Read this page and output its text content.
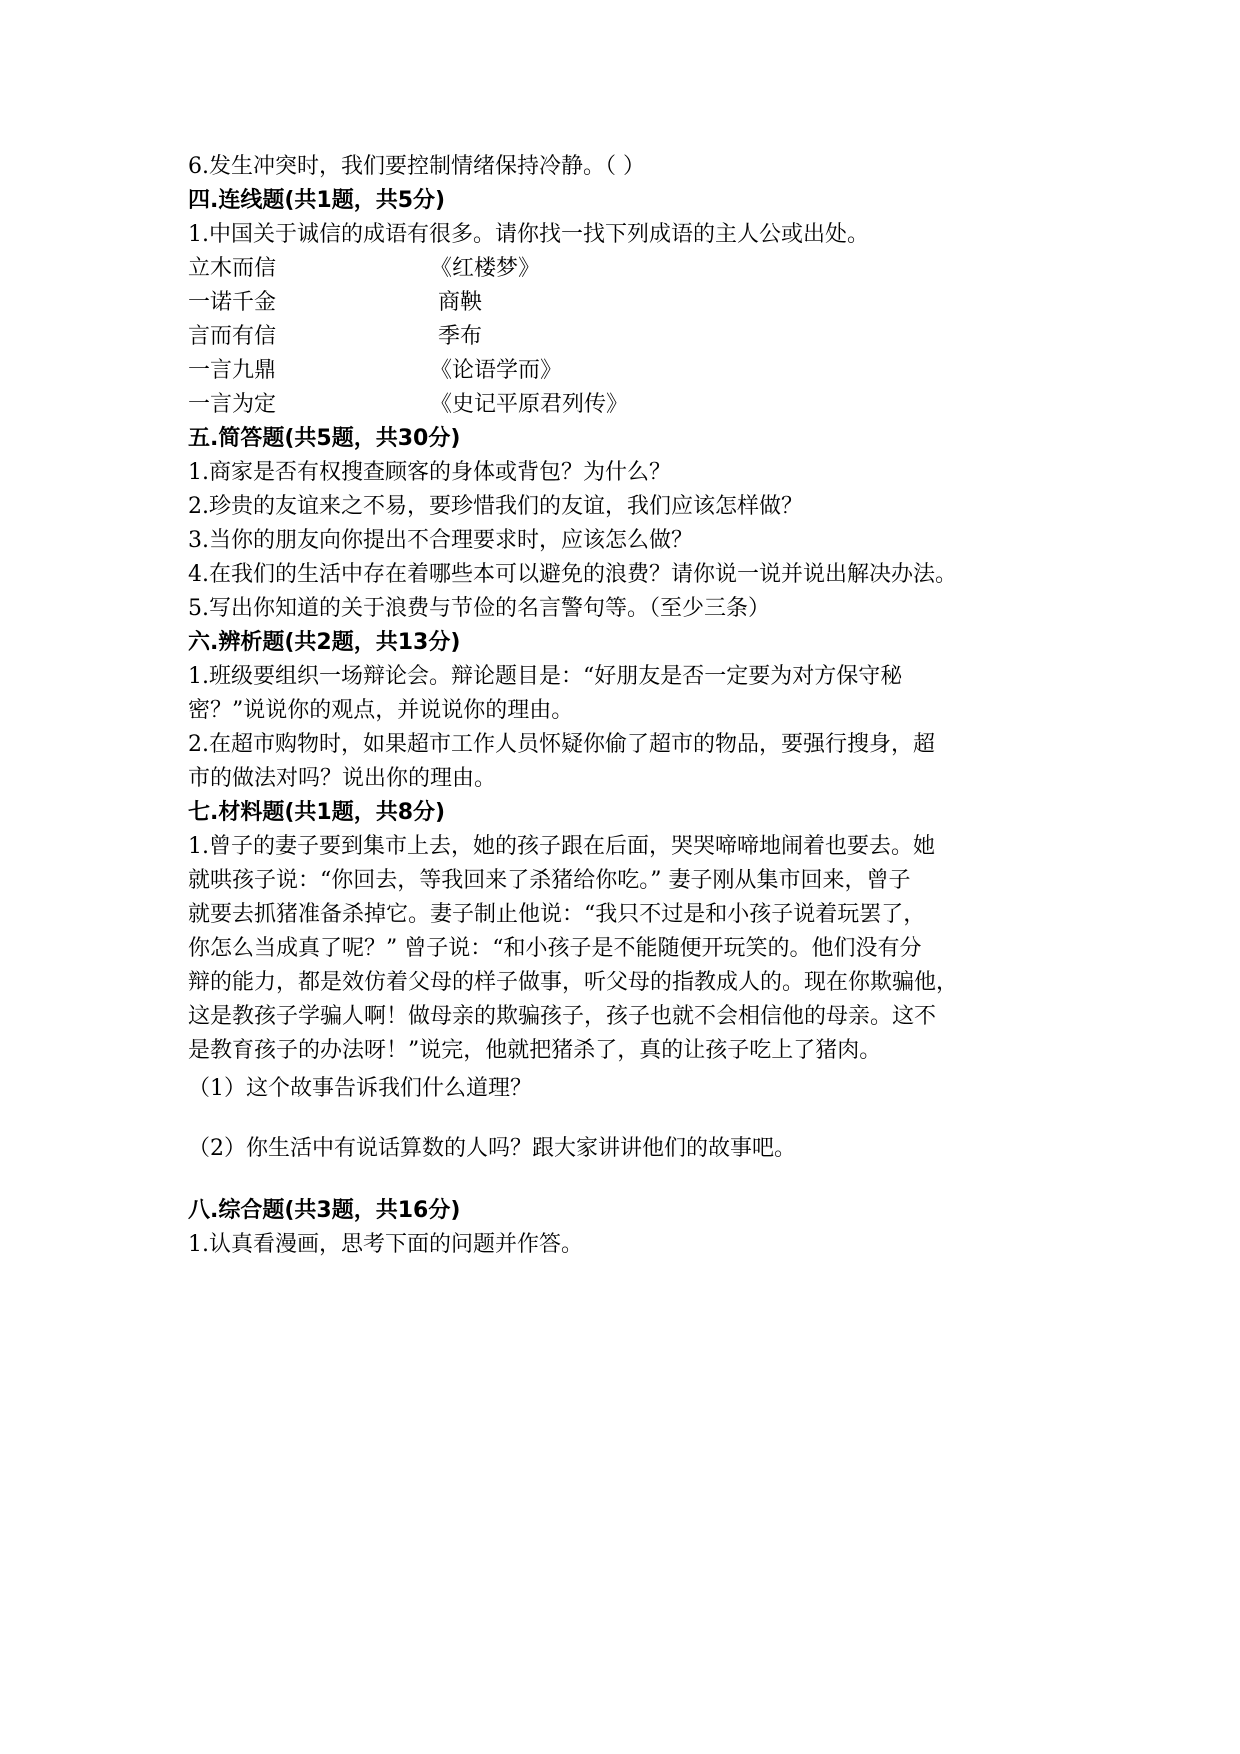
6.发生冲突时，我们要控制情绪保持冷静。（ ）
四.连线题(共1题，共5分)
1.中国关于诚信的成语有很多。请你找一找下列成语的主人公或出处。
立木而信	《红楼梦》
一诺千金	商鞅
言而有信	季布
一言九鼎	《论语学而》
一言为定	《史记平原君列传》
五.简答题(共5题，共30分)
1.商家是否有权搜查顾客的身体或背包？为什么？
2.珍贵的友谊来之不易，要珍惜我们的友谊，我们应该怎样做？
3.当你的朋友向你提出不合理要求时，应该怎么做？
4.在我们的生活中存在着哪些本可以避免的浪费？请你说一说并说出解决办法。
5.写出你知道的关于浪费与节俭的名言警句等。（至少三条）
六.辨析题(共2题，共13分)
1.班级要组织一场辩论会。辩论题目是：“好朋友是否一定要为对方保守秘
密？”说说你的观点，并说说你的理由。
2.在超市购物时，如果超市工作人员怀疑你偷了超市的物品，要强行搜身，超
市的做法对吗？说出你的理由。
七.材料题(共1题，共8分)
1.曾子的妻子要到集市上去，她的孩子跟在后面，哭哭啼啼地闹着也要去。她
就哄孩子说：“你回去，等我回来了杀猪给你吃。” 妻子刚从集市回来，曾子
就要去抓猪准备杀掉它。妻子制止他说：“我只不过是和小孩子说着玩罢了，
你怎么当成真了呢？” 曾子说：“和小孩子是不能随便开玩笑的。他们没有分
辩的能力，都是效仿着父母的样子做事，听父母的指教成人的。现在你欺骗他，
这是教孩子学骗人啊！做母亲的欺骗孩子，孩子也就不会相信他的母亲。这不
是教育孩子的办法呀！”说完，他就把猪杀了，真的让孩子吃上了猪肉。
（1）这个故事告诉我们什么道理？
（2）你生活中有说话算数的人吗？跟大家讲讲他们的故事吧。
八.综合题(共3题，共16分)
1.认真看漫画，思考下面的问题并作答。
